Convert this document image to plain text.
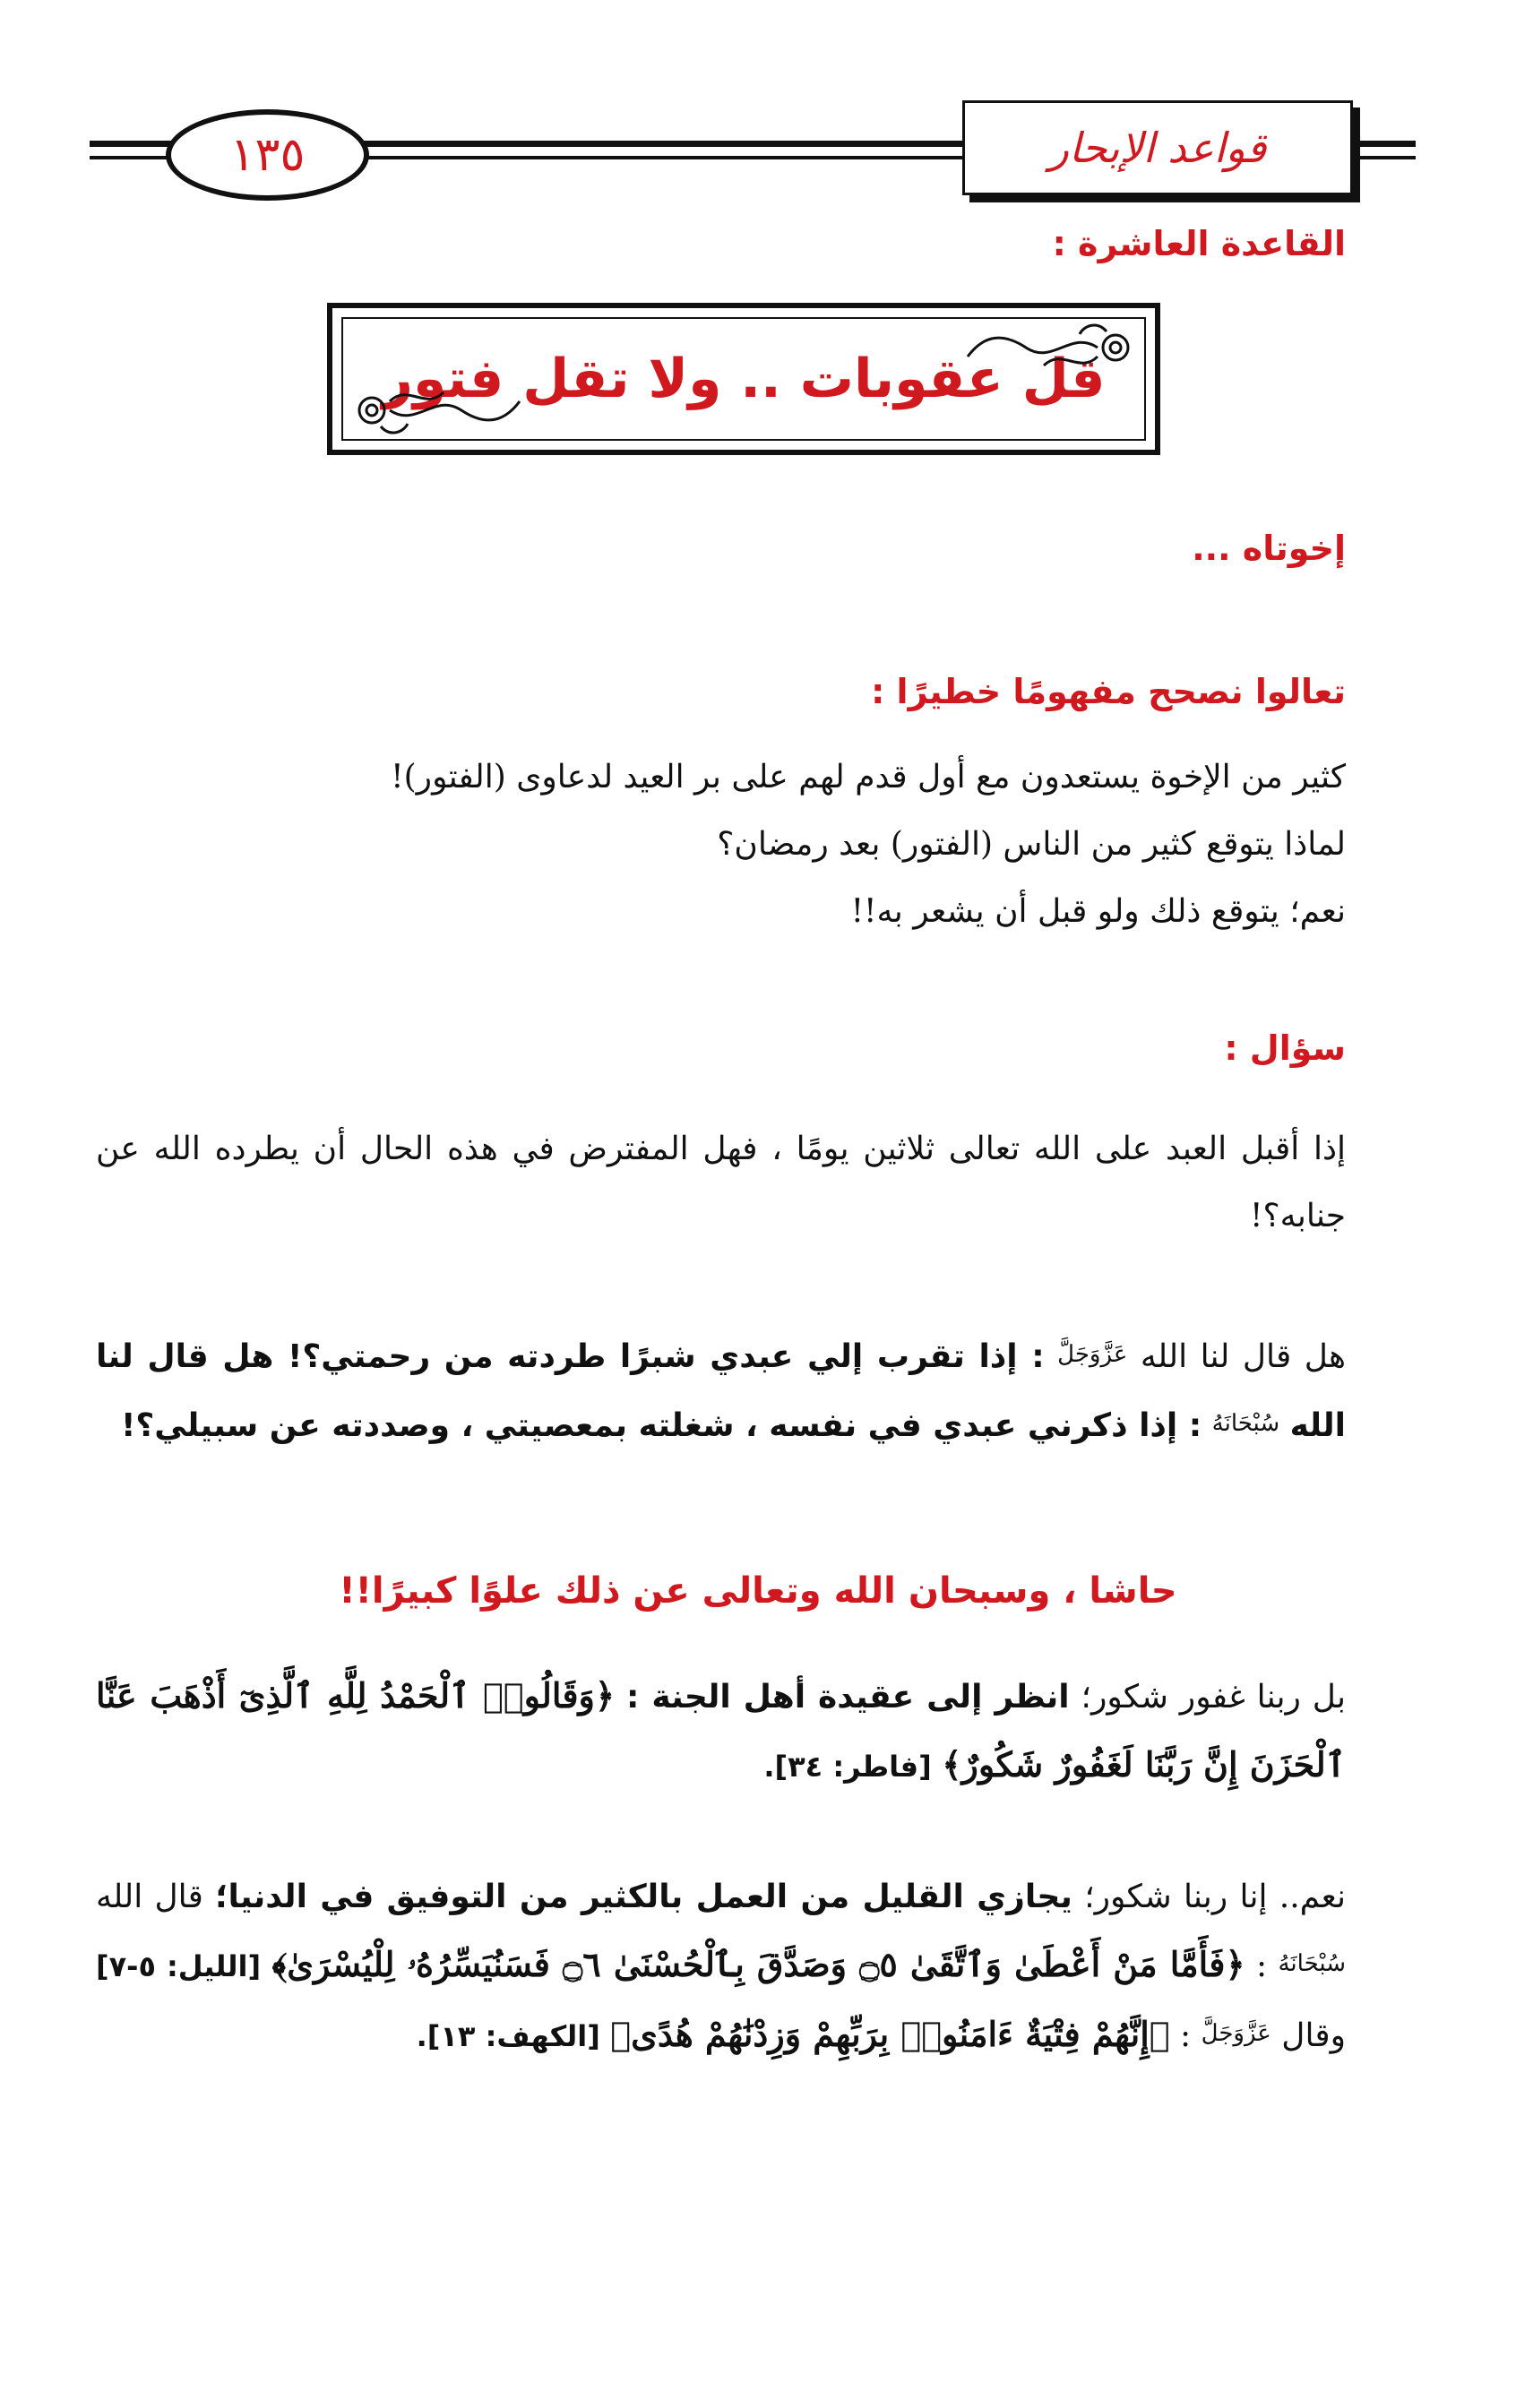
قواعد الإبحار
١٣٥
القاعدة العاشرة :
قل عقوبات .. ولا تقل فتور
إخوتاه ...
تعالوا نصحح مفهومًا خطيرًا :
كثير من الإخوة يستعدون مع أول قدم لهم على بر العيد لدعاوى (الفتور)!
لماذا يتوقع كثير من الناس (الفتور) بعد رمضان؟
نعم؛ يتوقع ذلك ولو قبل أن يشعر به!!
سؤال :
إذا أقبل العبد على الله تعالى ثلاثين يومًا ، فهل المفترض في هذه الحال أن يطرده الله عن جنابه؟!
هل قال لنا الله عَزَّوَجَلَّ : إذا تقرب إلي عبدي شبرًا طردته من رحمتي؟! هل قال لنا الله سُبْحَانَهُ : إذا ذكرني عبدي في نفسه ، شغلته بمعصيتي ، وصددته عن سبيلي؟!
حاشا ، وسبحان الله وتعالى عن ذلك علوًا كبيرًا!!
بل ربنا غفور شكور؛ انظر إلى عقيدة أهل الجنة : ﴿وَقَالُوا۟ ٱلْحَمْدُ لِلَّهِ ٱلَّذِىٓ أَذْهَبَ عَنَّا ٱلْحَزَنَ إِنَّ رَبَّنَا لَغَفُورٌ شَكُورٌ﴾ [فاطر: ٣٤].
نعم.. إنا ربنا شكور؛ يجازي القليل من العمل بالكثير من التوفيق في الدنيا؛ قال الله سُبْحَانَهُ : ﴿فَأَمَّا مَنْ أَعْطَىٰ وَٱتَّقَىٰ ۝٥ وَصَدَّقَ بِٱلْحُسْنَىٰ ۝٦ فَسَنُيَسِّرُهُۥ لِلْيُسْرَىٰ﴾ [الليل: ٥-٧] وقال عَزَّوَجَلَّ : ﴿إِنَّهُمْ فِتْيَةٌ ءَامَنُوا۟ بِرَبِّهِمْ وَزِدْنَٰهُمْ هُدًى﴾ [الكهف: ١٣].
